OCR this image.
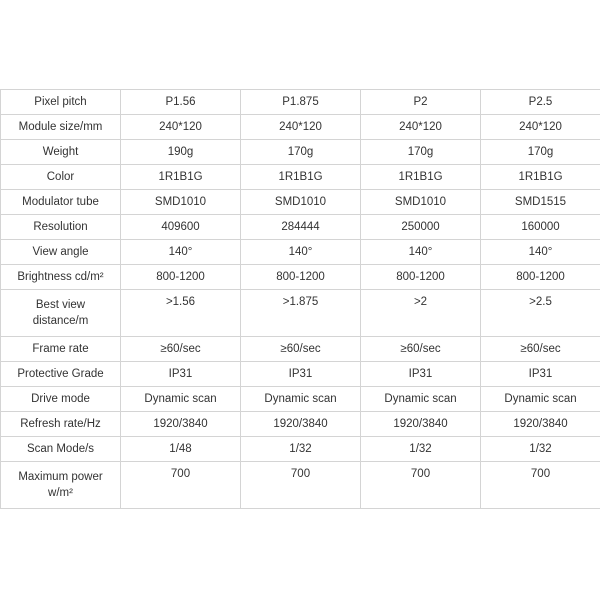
Pixel pitch	P1.56	P1.875	P2	P2.5
Module size/mm	240*120	240*120	240*120	240*120
Weight	190g	170g	170g	170g
Color	1R1B1G	1R1B1G	1R1B1G	1R1B1G
Modulator tube	SMD1010	SMD1010	SMD1010	SMD1515
Resolution	409600	284444	250000	160000
View angle	140°	140°	140°	140°
Brightness cd/m²	800-1200	800-1200	800-1200	800-1200
Best view
distance/m	>1.56	>1.875	>2	>2.5
Frame rate	≥60/sec	≥60/sec	≥60/sec	≥60/sec
Protective Grade	IP31	IP31	IP31	IP31
Drive mode	Dynamic scan	Dynamic scan	Dynamic scan	Dynamic scan
Refresh rate/Hz	1920/3840	1920/3840	1920/3840	1920/3840
Scan Mode/s	1/48	1/32	1/32	1/32
Maximum power
w/m²	700	700	700	700
